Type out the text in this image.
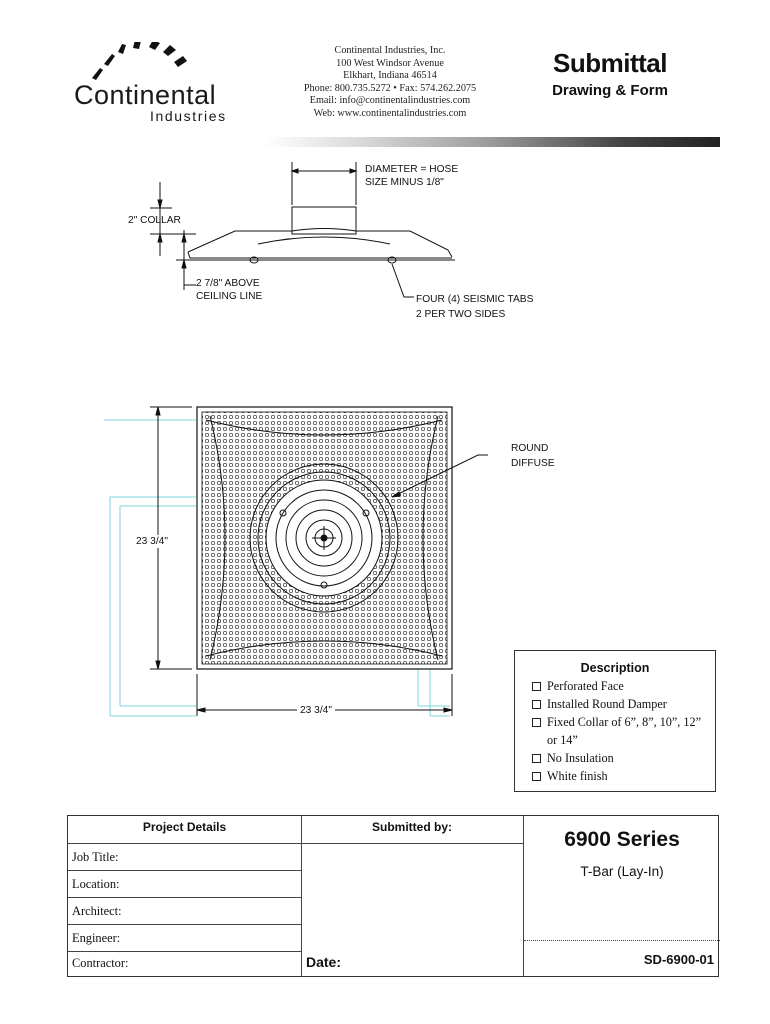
Continental
Industries
Continental Industries, Inc.
100 West Windsor Avenue
Elkhart, Indiana 46514
Phone: 800.735.5272 • Fax: 574.262.2075
Email: info@continentalindustries.com
Web: www.continentalindustries.com
Submittal
Drawing & Form
DIAMETER = HOSE
SIZE MINUS 1/8"
2" COLLAR
2 7/8" ABOVE
CEILING LINE	FOUR (4) SEISMIC TABS
2 PER TWO SIDES
23 3/4"
23 3/4"
ROUND
DIFFUSE
Description
Perforated Face
Installed Round Damper
Fixed Collar of 6”, 8”, 10”, 12” or 14”
No Insulation
White finish
Project Details	Submitted by:
Job Title:
Location:
Architect:
Engineer:
Contractor:	Date:
6900 Series
T-Bar (Lay-In)
SD-6900-01
